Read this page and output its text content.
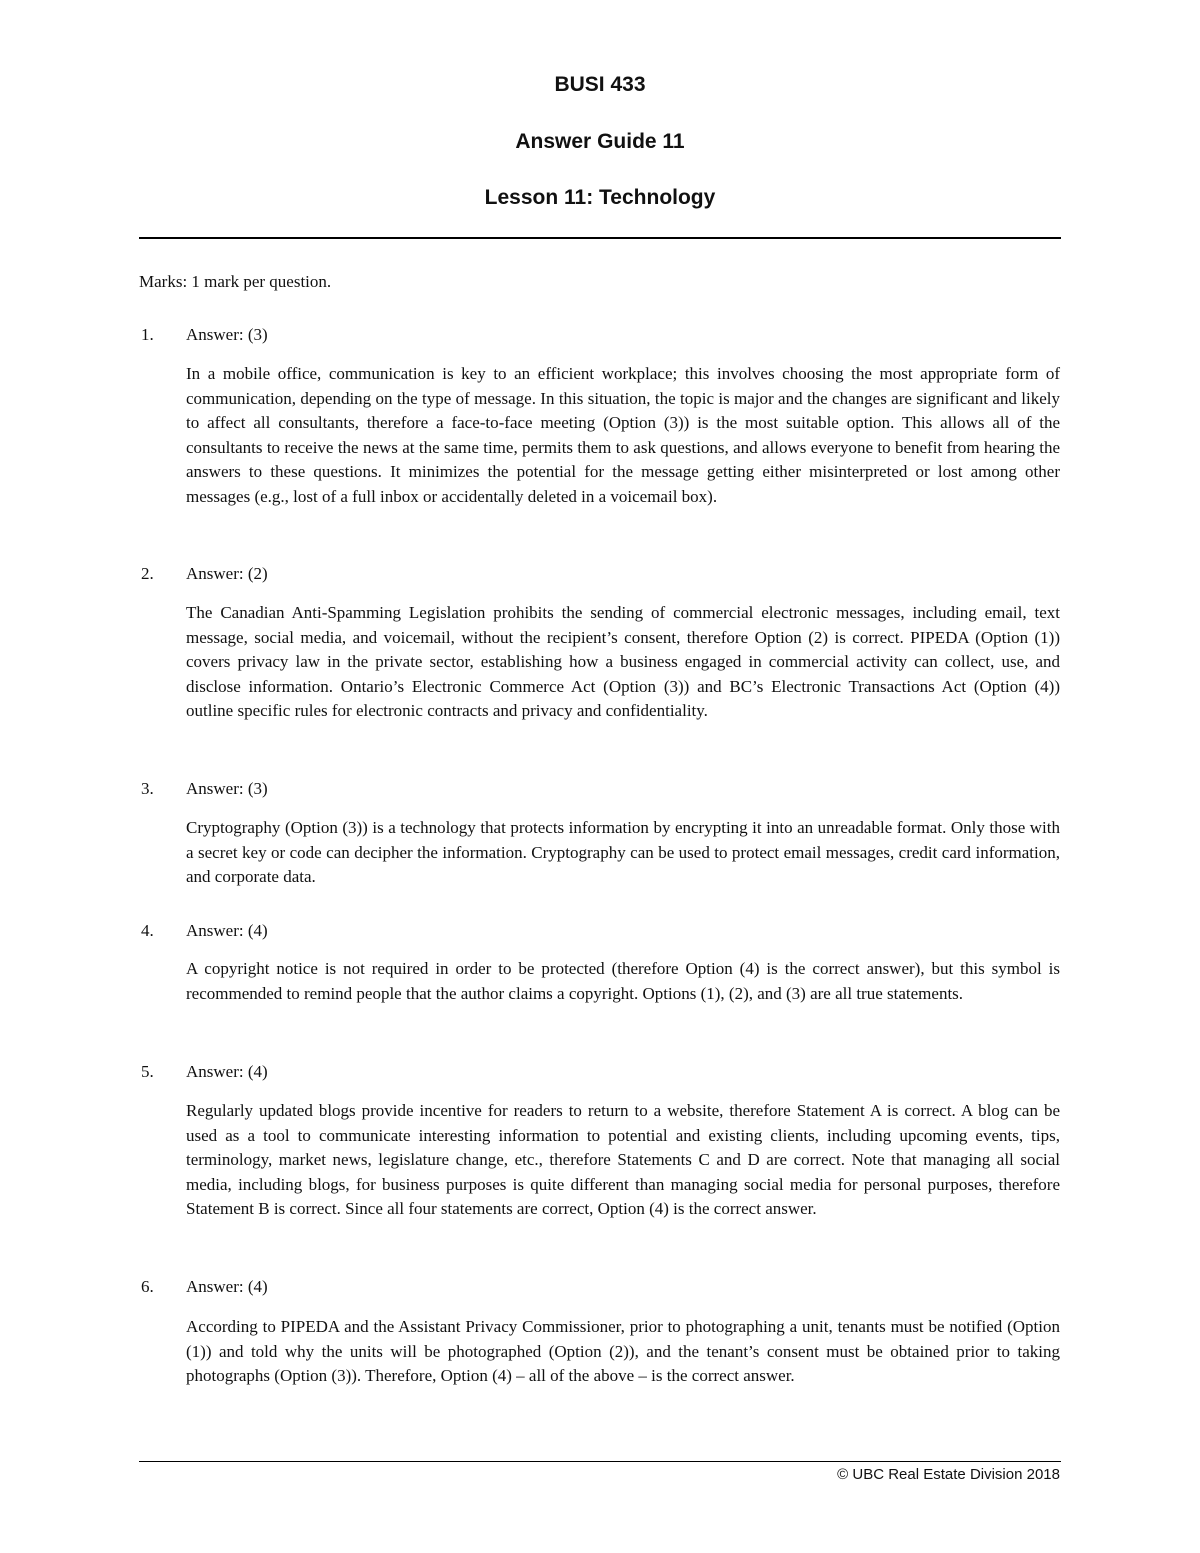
BUSI 433
Answer Guide 11
Lesson 11: Technology
Marks: 1 mark per question.
1. Answer: (3)
In a mobile office, communication is key to an efficient workplace; this involves choosing the most appropriate form of communication, depending on the type of message. In this situation, the topic is major and the changes are significant and likely to affect all consultants, therefore a face-to-face meeting (Option (3)) is the most suitable option. This allows all of the consultants to receive the news at the same time, permits them to ask questions, and allows everyone to benefit from hearing the answers to these questions. It minimizes the potential for the message getting either misinterpreted or lost among other messages (e.g., lost of a full inbox or accidentally deleted in a voicemail box).
2. Answer: (2)
The Canadian Anti-Spamming Legislation prohibits the sending of commercial electronic messages, including email, text message, social media, and voicemail, without the recipient’s consent, therefore Option (2) is correct. PIPEDA (Option (1)) covers privacy law in the private sector, establishing how a business engaged in commercial activity can collect, use, and disclose information. Ontario’s Electronic Commerce Act (Option (3)) and BC’s Electronic Transactions Act (Option (4)) outline specific rules for electronic contracts and privacy and confidentiality.
3. Answer: (3)
Cryptography (Option (3)) is a technology that protects information by encrypting it into an unreadable format. Only those with a secret key or code can decipher the information. Cryptography can be used to protect email messages, credit card information, and corporate data.
4. Answer: (4)
A copyright notice is not required in order to be protected (therefore Option (4) is the correct answer), but this symbol is recommended to remind people that the author claims a copyright. Options (1), (2), and (3) are all true statements.
5. Answer: (4)
Regularly updated blogs provide incentive for readers to return to a website, therefore Statement A is correct. A blog can be used as a tool to communicate interesting information to potential and existing clients, including upcoming events, tips, terminology, market news, legislature change, etc., therefore Statements C and D are correct. Note that managing all social media, including blogs, for business purposes is quite different than managing social media for personal purposes, therefore Statement B is correct. Since all four statements are correct, Option (4) is the correct answer.
6. Answer: (4)
According to PIPEDA and the Assistant Privacy Commissioner, prior to photographing a unit, tenants must be notified (Option (1)) and told why the units will be photographed (Option (2)), and the tenant’s consent must be obtained prior to taking photographs (Option (3)). Therefore, Option (4) – all of the above – is the correct answer.
© UBC Real Estate Division 2018
